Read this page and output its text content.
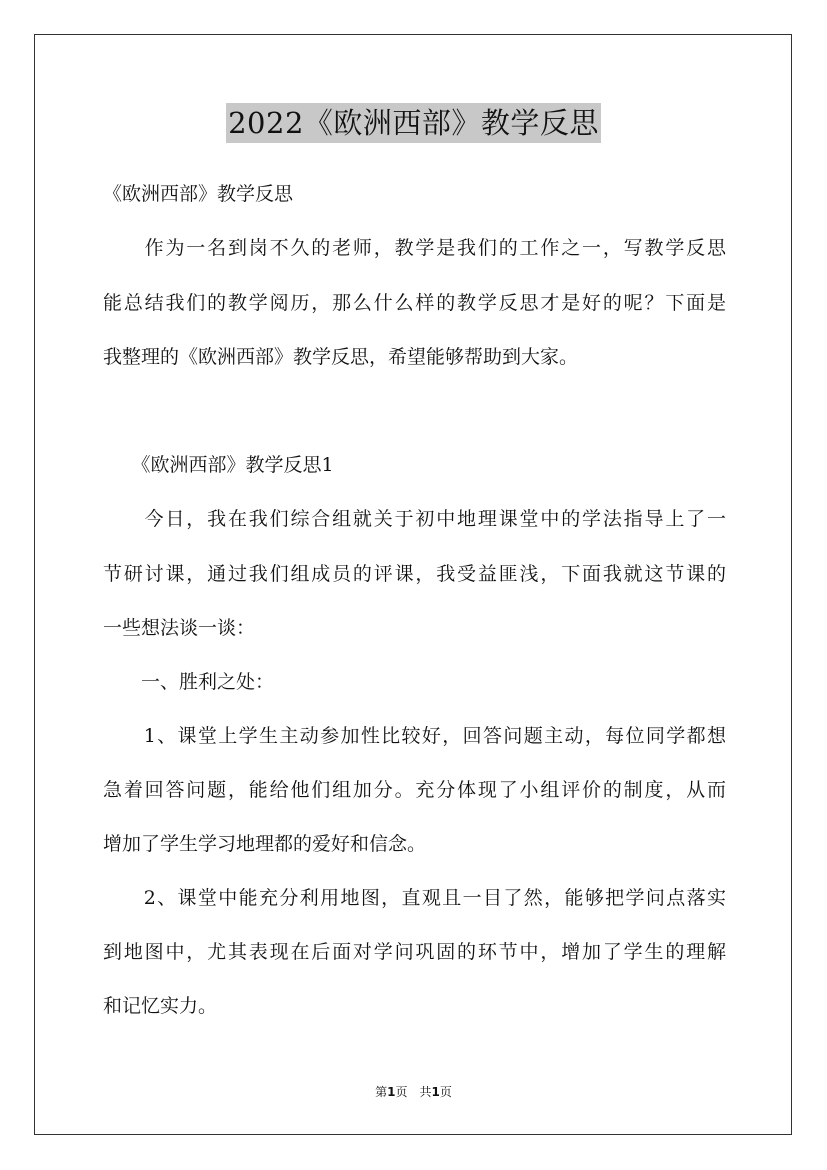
2022《欧洲西部》教学反思
《欧洲西部》教学反思
　　作为一名到岗不久的老师，教学是我们的工作之一，写教学反思
能总结我们的教学阅历，那么什么样的教学反思才是好的呢？下面是
我整理的《欧洲西部》教学反思，希望能够帮助到大家。
　　《欧洲西部》教学反思1
　　今日，我在我们综合组就关于初中地理课堂中的学法指导上了一
节研讨课，通过我们组成员的评课，我受益匪浅，下面我就这节课的
一些想法谈一谈：
　　一、胜利之处：
　　1、课堂上学生主动参加性比较好，回答问题主动，每位同学都想
急着回答问题，能给他们组加分。充分体现了小组评价的制度，从而
增加了学生学习地理都的爱好和信念。
　　2、课堂中能充分利用地图，直观且一目了然，能够把学问点落实
到地图中，尤其表现在后面对学问巩固的环节中，增加了学生的理解
和记忆实力。
第1页　共1页
